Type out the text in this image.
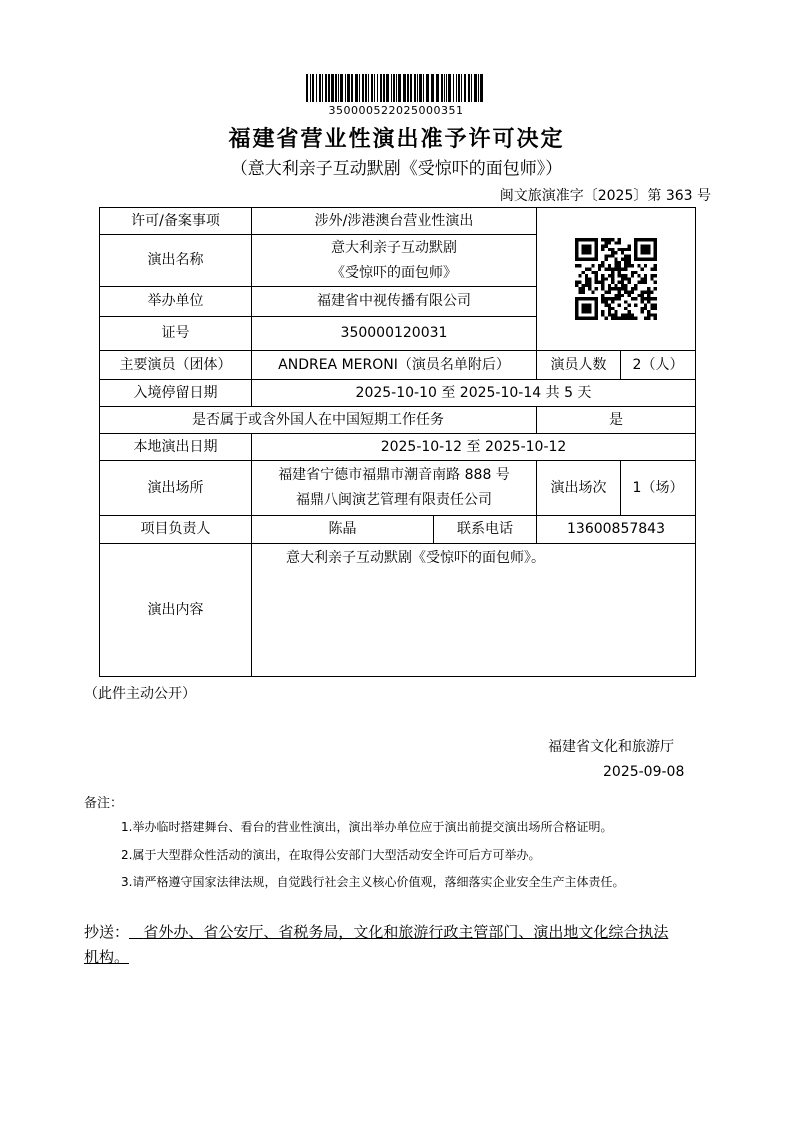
350000522025000351
福建省营业性演出准予许可决定
（意大利亲子互动默剧《受惊吓的面包师》）
闽文旅演准字〔2025〕第 363 号
许可/备案事项	涉外/涉港澳台营业性演出	

演出名称	意大利亲子互动默剧
《受惊吓的面包师》			

举办单位	福建省中视传播有限公司			
证号	350000120031			
主要演员（团体）	ANDREA MERONI（演员名单附后）		演员人数	2（人）
入境停留日期	2025-10-10 至 2025-10-14 共 5 天			
是否属于或含外国人在中国短期工作任务			是	
本地演出日期	2025-10-12 至 2025-10-12			
演出场所	福建省宁德市福鼎市潮音南路 888 号
福鼎八闽演艺管理有限责任公司		演出场次	1（场）
项目负责人	陈晶	联系电话	13600857843	
演出内容	意大利亲子互动默剧《受惊吓的面包师》。			
（此件主动公开）
福建省文化和旅游厅
2025-09-08
备注：
1.举办临时搭建舞台、看台的营业性演出，演出举办单位应于演出前提交演出场所合格证明。
2.属于大型群众性活动的演出，在取得公安部门大型活动安全许可后方可举办。
3.请严格遵守国家法律法规，自觉践行社会主义核心价值观，落细落实企业安全生产主体责任。
抄送： 省外办、省公安厅、省税务局，文化和旅游行政主管部门、演出地文化综合执法
机构。
